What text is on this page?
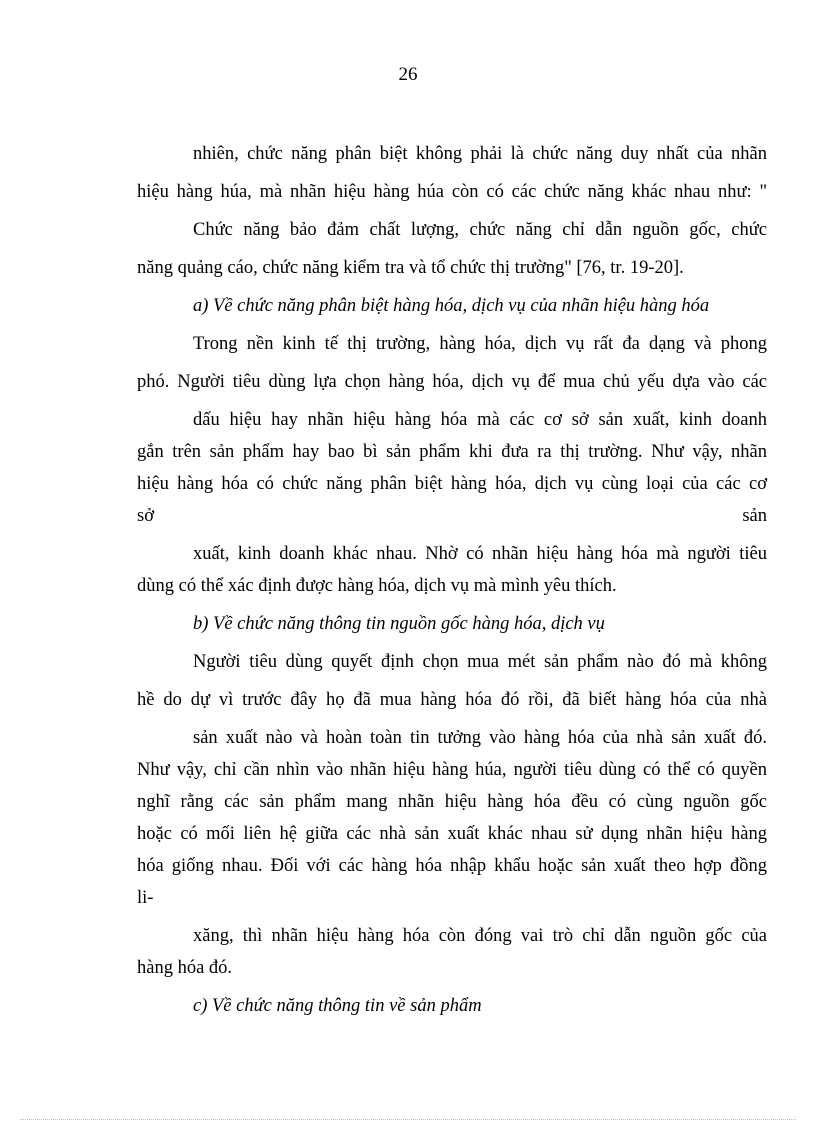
26
nhiên, chức năng phân biệt không phải là chức năng duy nhất của nhãn
hiệu hàng húa, mà nhãn hiệu hàng húa còn có các chức năng khác nhau như: "
Chức năng bảo đảm chất lượng, chức năng chỉ dẫn nguồn gốc, chức
năng quảng cáo, chức năng kiểm tra và tổ chức thị trường" [76, tr. 19-20].
a) Về chức năng phân biệt hàng hóa, dịch vụ của nhãn hiệu hàng hóa
Trong nền kinh tế thị trường, hàng hóa, dịch vụ rất đa dạng và phong
phó. Người tiêu dùng lựa chọn hàng hóa, dịch vụ để mua chủ yếu dựa vào các
dấu hiệu hay nhãn hiệu hàng hóa mà các cơ sở sản xuất, kinh doanh
gắn trên sản phẩm hay bao bì sản phẩm khi đưa ra thị trường. Như vậy, nhãn
hiệu hàng hóa có chức năng phân biệt hàng hóa, dịch vụ cùng loại của các cơ
sở	sản
xuất, kinh doanh khác nhau. Nhờ có nhãn hiệu hàng hóa mà người tiêu
dùng có thể xác định được hàng hóa, dịch vụ mà mình yêu thích.
b) Về chức năng thông tin nguồn gốc hàng hóa, dịch vụ
Người tiêu dùng quyết định chọn mua mét sản phẩm nào đó mà không
hề do dự vì trước đây họ đã mua hàng hóa đó rồi, đã biết hàng hóa của nhà
sản xuất nào và hoàn toàn tin tưởng vào hàng hóa của nhà sản xuất đó.
Như vậy, chỉ cần nhìn vào nhãn hiệu hàng húa, người tiêu dùng có thể có quyền
nghĩ rằng các sản phẩm mang nhãn hiệu hàng hóa đều có cùng nguồn gốc
hoặc có mối liên hệ giữa các nhà sản xuất khác nhau sử dụng nhãn hiệu hàng
hóa giống nhau. Đối với các hàng hóa nhập khẩu hoặc sản xuất theo hợp đồng
li-
xăng, thì nhãn hiệu hàng hóa còn đóng vai trò chỉ dẫn nguồn gốc của
hàng hóa đó.
c) Về chức năng thông tin về sản phẩm
